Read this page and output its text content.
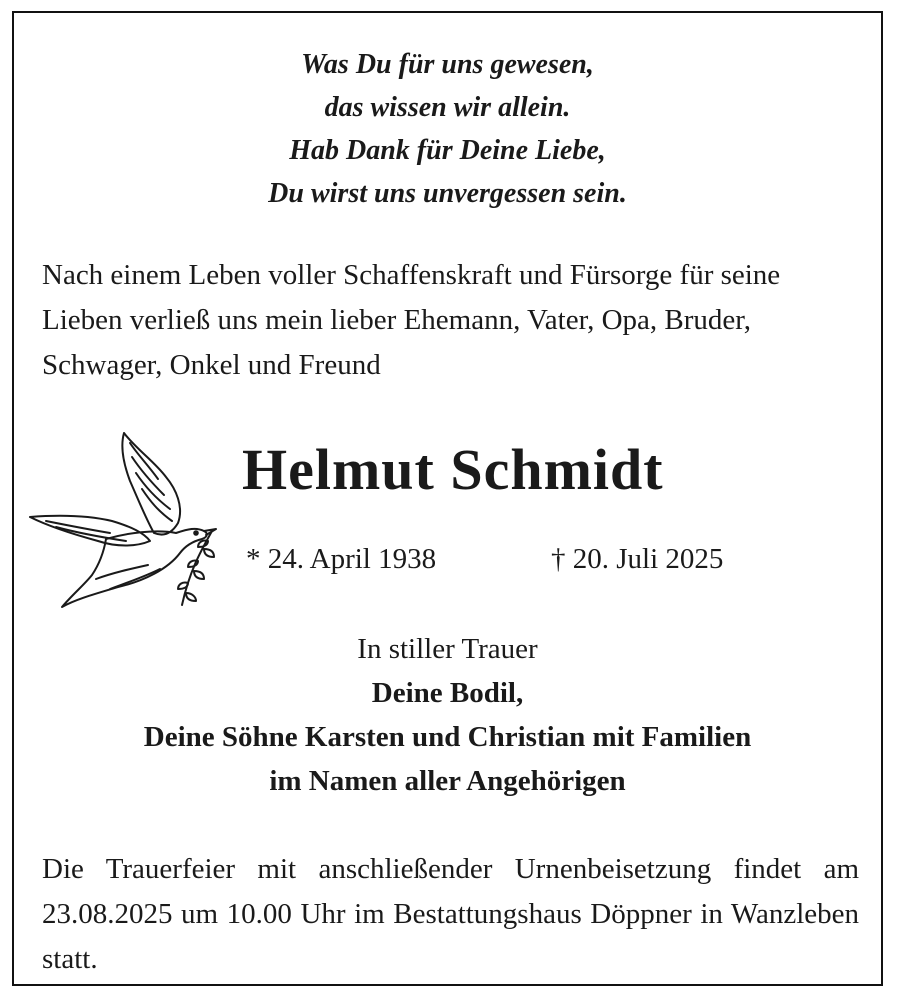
Was Du für uns gewesen,
das wissen wir allein.
Hab Dank für Deine Liebe,
Du wirst uns unvergessen sein.
Nach einem Leben voller Schaffenskraft und Fürsorge für seine Lieben verließ uns mein lieber Ehemann, Vater, Opa, Bruder, Schwager, Onkel und Freund
Helmut Schmidt
* 24. April 1938	† 20. Juli 2025
In stiller Trauer
Deine Bodil,
Deine Söhne Karsten und Christian mit Familien
im Namen aller Angehörigen
Die Trauerfeier mit anschließender Urnenbeisetzung findet am 23.08.2025 um 10.00 Uhr im Bestattungshaus Döppner in Wanzleben statt.
